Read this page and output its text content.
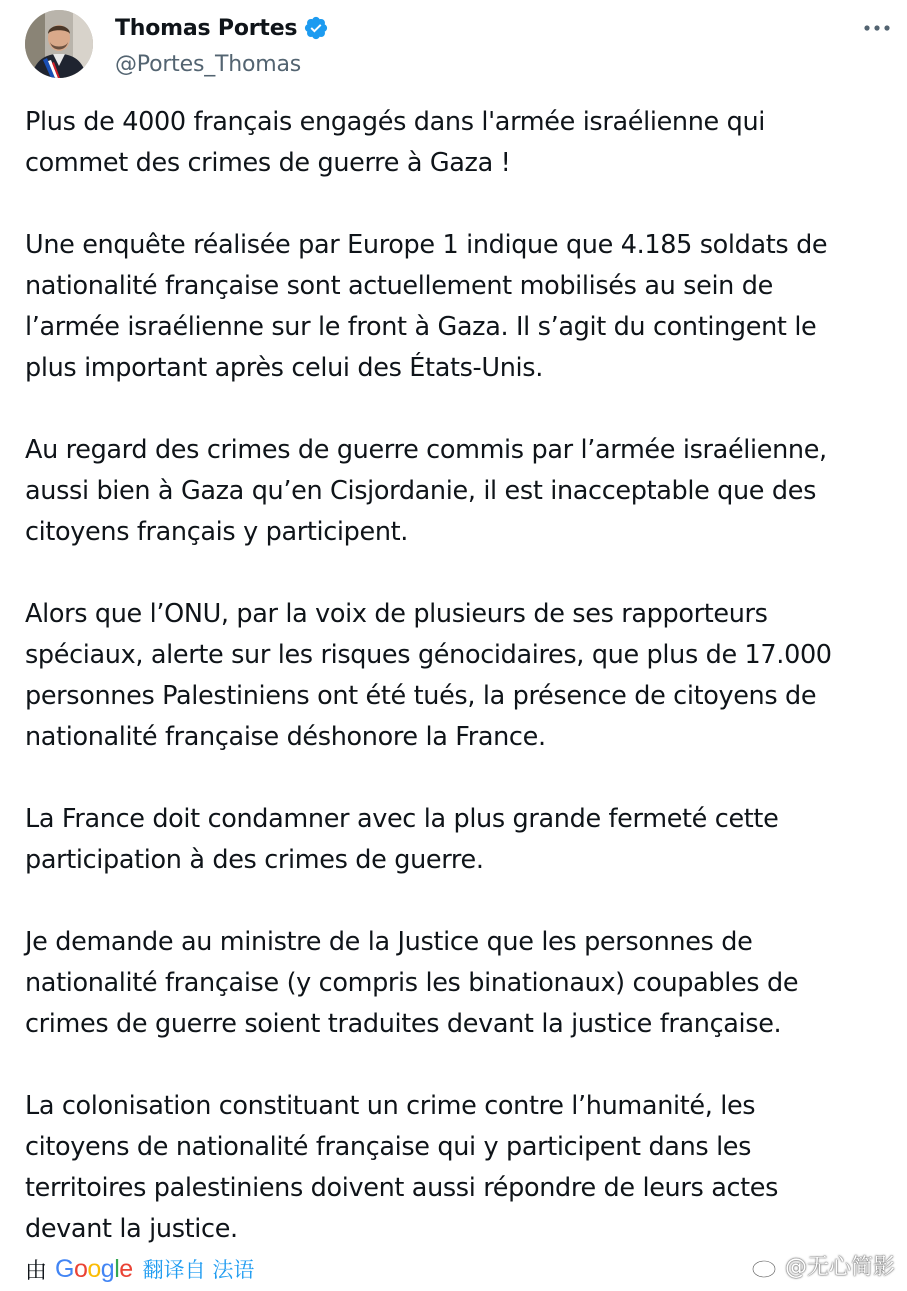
Thomas Portes
@Portes_Thomas

Plus de 4000 français engagés dans l'armée israélienne qui
commet des crimes de guerre à Gaza !

Une enquête réalisée par Europe 1 indique que 4.185 soldats de
nationalité française sont actuellement mobilisés au sein de
l’armée israélienne sur le front à Gaza. Il s’agit du contingent le
plus important après celui des États-Unis.

Au regard des crimes de guerre commis par l’armée israélienne,
aussi bien à Gaza qu’en Cisjordanie, il est inacceptable que des
citoyens français y participent.

Alors que l’ONU, par la voix de plusieurs de ses rapporteurs
spéciaux, alerte sur les risques génocidaires, que plus de 17.000
personnes Palestiniens ont été tués, la présence de citoyens de
nationalité française déshonore la France.

La France doit condamner avec la plus grande fermeté cette
participation à des crimes de guerre.

Je demande au ministre de la Justice que les personnes de
nationalité française (y compris les binationaux) coupables de
crimes de guerre soient traduites devant la justice française.

La colonisation constituant un crime contre l’humanité, les
citoyens de nationalité française qui y participent dans les
territoires palestiniens doivent aussi répondre de leurs actes
devant la justice.

由 Google 翻译自 法语	@无心简影
